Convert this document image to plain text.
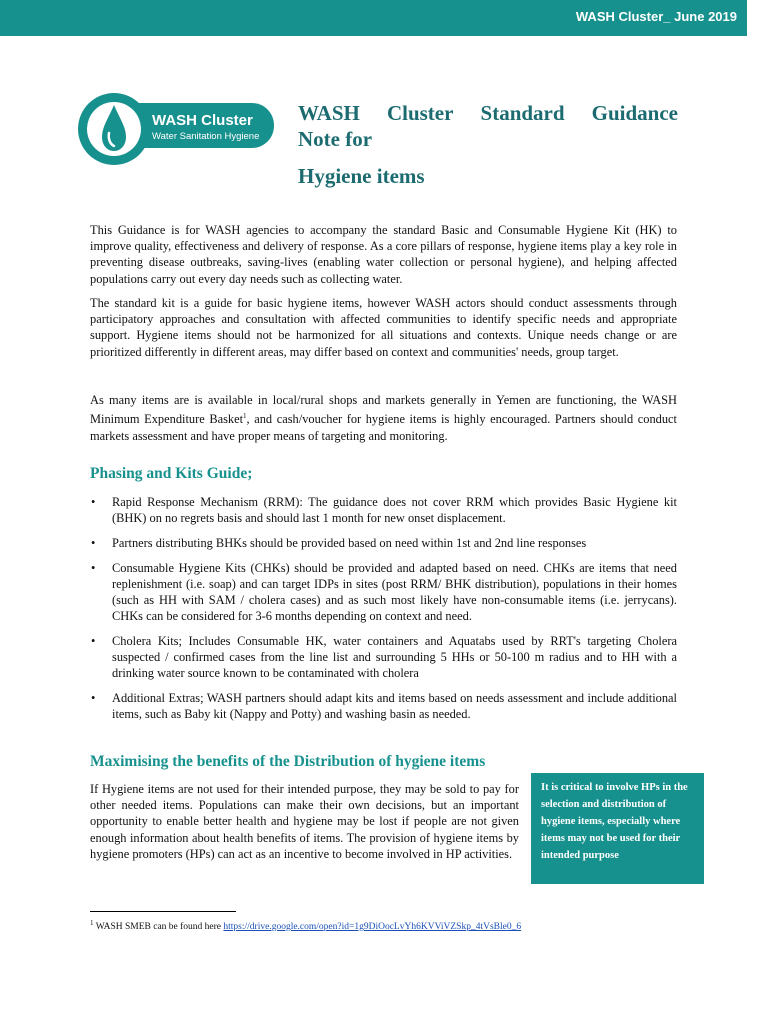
WASH Cluster_ June 2019
WASH Cluster
Water Sanitation Hygiene
WASH Cluster Standard Guidance
Note for
Hygiene items
This Guidance is for WASH agencies to accompany the standard Basic and Consumable Hygiene Kit (HK) to improve quality, effectiveness and delivery of response. As a core pillars of response, hygiene items play a key role in preventing disease outbreaks, saving-lives (enabling water collection or personal hygiene), and helping affected populations carry out every day needs such as collecting water.
The standard kit is a guide for basic hygiene items, however WASH actors should conduct assessments through participatory approaches and consultation with affected communities to identify specific needs and appropriate support. Hygiene items should not be harmonized for all situations and contexts. Unique needs change or are prioritized differently in different areas, may differ based on context and communities' needs, group target.
As many items are is available in local/rural shops and markets generally in Yemen are functioning, the WASH Minimum Expenditure Basket$^1$, and cash/voucher for hygiene items is highly encouraged. Partners should conduct markets assessment and have proper means of targeting and monitoring.
Phasing and Kits Guide;
• Rapid Response Mechanism (RRM): The guidance does not cover RRM which provides Basic Hygiene kit (BHK) on no regrets basis and should last 1 month for new onset displacement.
• Partners distributing BHKs should be provided based on need within 1st and 2nd line responses
• Consumable Hygiene Kits (CHKs) should be provided and adapted based on need. CHKs are items that need replenishment (i.e. soap) and can target IDPs in sites (post RRM/ BHK distribution), populations in their homes (such as HH with SAM / cholera cases) and as such most likely have non-consumable items (i.e. jerrycans). CHKs can be considered for 3-6 months depending on context and need.
• Cholera Kits; Includes Consumable HK, water containers and Aquatabs used by RRT's targeting Cholera suspected / confirmed cases from the line list and surrounding 5 HHs or 50-100 m radius and to HH with a drinking water source known to be contaminated with cholera
• Additional Extras; WASH partners should adapt kits and items based on needs assessment and include additional items, such as Baby kit (Nappy and Potty) and washing basin as needed.
Maximising the benefits of the Distribution of hygiene items
If Hygiene items are not used for their intended purpose, they may be sold to pay for other needed items. Populations can make their own decisions, but an important opportunity to enable better health and hygiene may be lost if people are not given enough information about health benefits of items. The provision of hygiene items by hygiene promoters (HPs) can act as an incentive to become involved in HP activities.
It is critical to involve HPs in the selection and distribution of hygiene items, especially where items may not be used for their intended purpose
$^1$ WASH SMEB can be found here https://drive.google.com/open?id=1g9DiOocLvYh6KVViVZSkp_4tVsBle0_6
